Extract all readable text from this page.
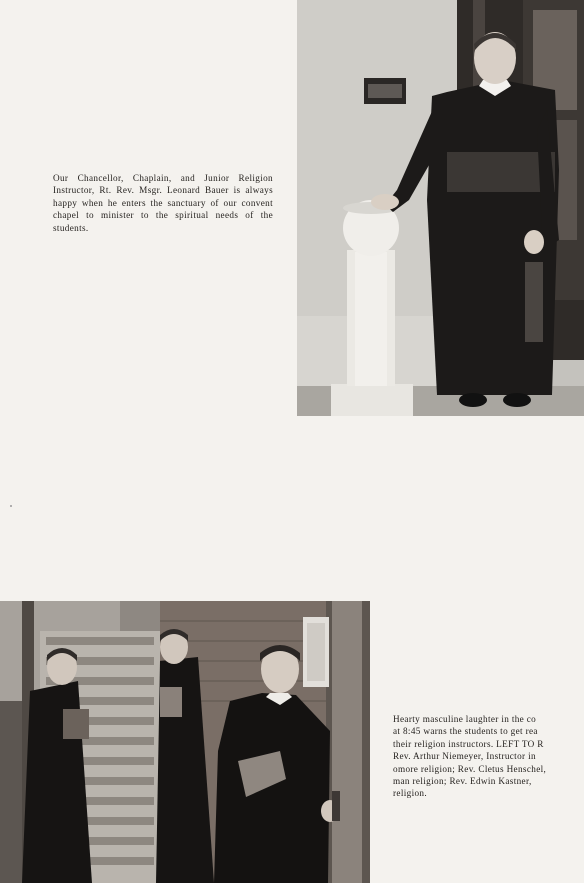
Our Chancellor, Chaplain, and Junior Religion Instructor, Rt. Rev. Msgr. Leonard Bauer is always happy when he enters the sanctuary of our convent chapel to minister to the spiritual needs of the students.

Hearty masculine laughter in the co
at 8:45 warns the students to get rea
their religion instructors. LEFT TO R
Rev. Arthur Niemeyer, Instructor in
omore religion; Rev. Cletus Henschel,
man religion; Rev. Edwin Kastner,
religion.
